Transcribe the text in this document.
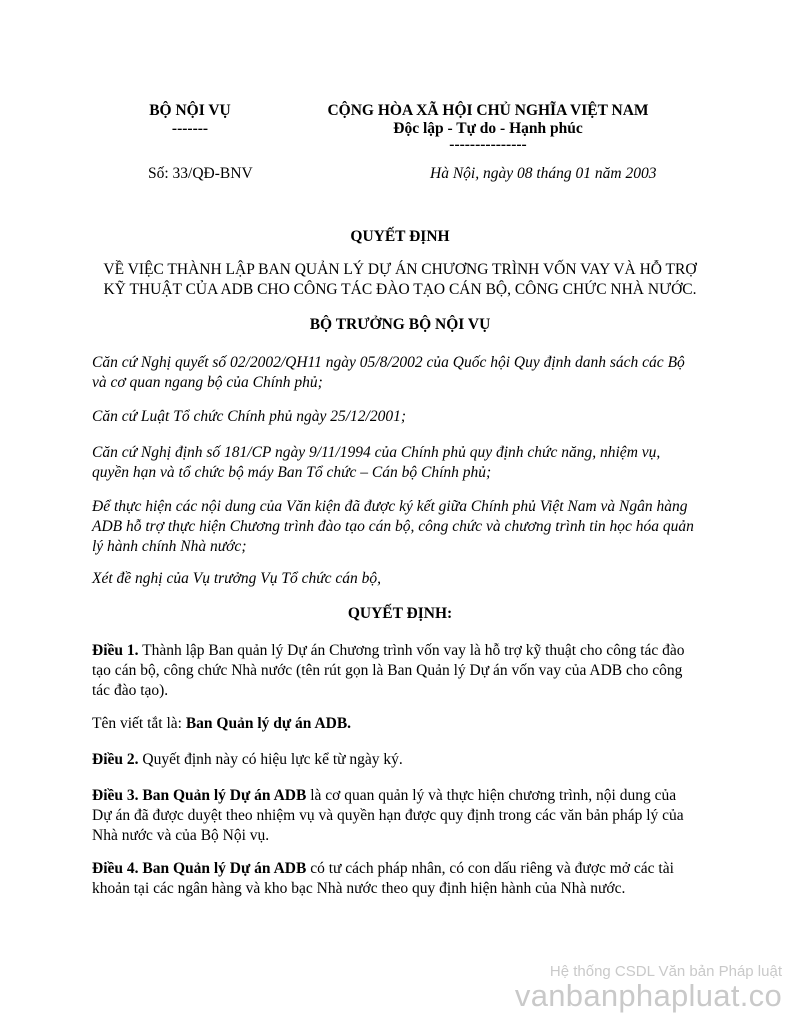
BỘ NỘI VỤ
-------
CỘNG HÒA XÃ HỘI CHỦ NGHĨA VIỆT NAM
Độc lập - Tự do - Hạnh phúc
---------------
Số: 33/QĐ-BNV	Hà Nội, ngày 08 tháng 01 năm 2003
QUYẾT ĐỊNH
VỀ VIỆC THÀNH LẬP BAN QUẢN LÝ DỰ ÁN CHƯƠNG TRÌNH VỐN VAY VÀ HỖ TRỢ
KỸ THUẬT CỦA ADB CHO CÔNG TÁC ĐÀO TẠO CÁN BỘ, CÔNG CHỨC NHÀ NƯỚC.
BỘ TRƯỞNG BỘ NỘI VỤ

Căn cứ Nghị quyết số 02/2002/QH11 ngày 05/8/2002 của Quốc hội Quy định danh sách các Bộ và cơ quan ngang bộ của Chính phủ;

Căn cứ Luật Tổ chức Chính phủ ngày 25/12/2001;

Căn cứ Nghị định số 181/CP ngày 9/11/1994 của Chính phủ quy định chức năng, nhiệm vụ, quyền hạn và tổ chức bộ máy Ban Tổ chức – Cán bộ Chính phủ;

Để thực hiện các nội dung của Văn kiện đã được ký kết giữa Chính phủ Việt Nam và Ngân hàng ADB hỗ trợ thực hiện Chương trình đào tạo cán bộ, công chức và chương trình tin học hóa quản lý hành chính Nhà nước;

Xét đề nghị của Vụ trưởng Vụ Tổ chức cán bộ,

QUYẾT ĐỊNH:

Điều 1. Thành lập Ban quản lý Dự án Chương trình vốn vay là hỗ trợ kỹ thuật cho công tác đào tạo cán bộ, công chức Nhà nước (tên rút gọn là Ban Quản lý Dự án vốn vay của ADB cho công tác đào tạo).

Tên viết tắt là: Ban Quản lý dự án ADB.

Điều 2. Quyết định này có hiệu lực kể từ ngày ký.

Điều 3. Ban Quản lý Dự án ADB là cơ quan quản lý và thực hiện chương trình, nội dung của Dự án đã được duyệt theo nhiệm vụ và quyền hạn được quy định trong các văn bản pháp lý của Nhà nước và của Bộ Nội vụ.

Điều 4. Ban Quản lý Dự án ADB có tư cách pháp nhân, có con dấu riêng và được mở các tài khoản tại các ngân hàng và kho bạc Nhà nước theo quy định hiện hành của Nhà nước.

Hệ thống CSDL Văn bản Pháp luật
vanbanphapluat.co
